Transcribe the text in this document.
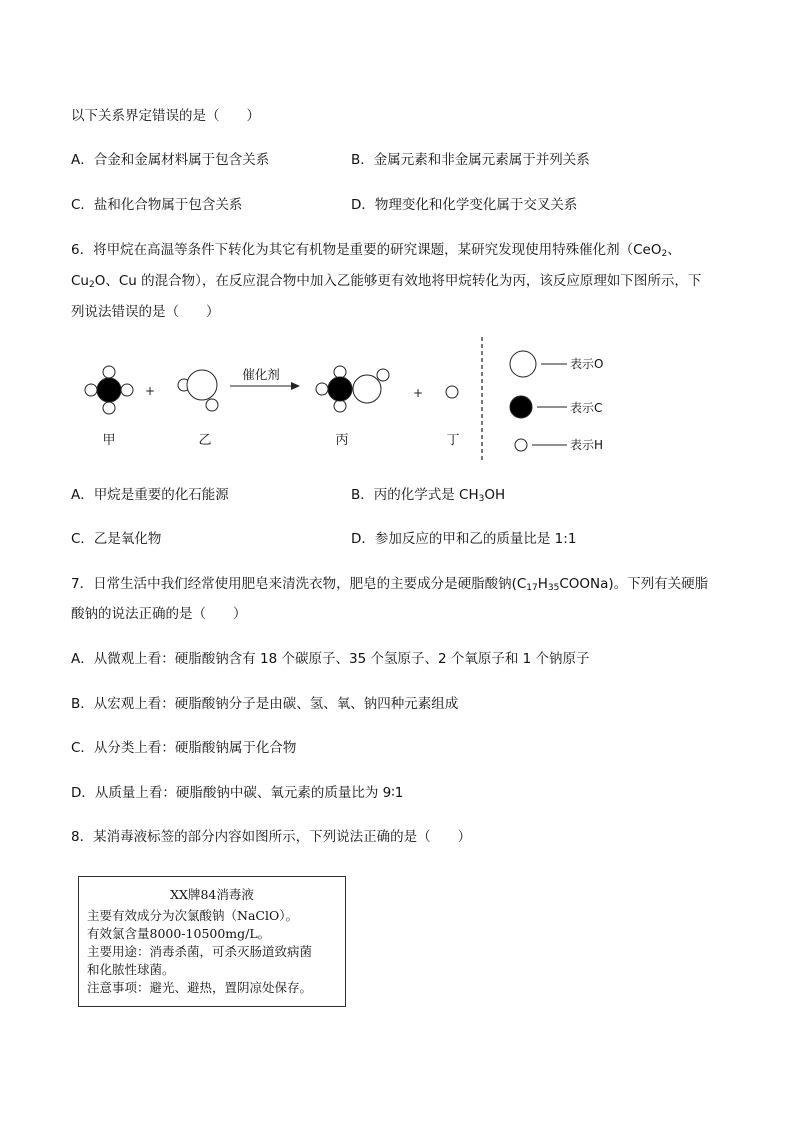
以下关系界定错误的是（　　）
A．合金和金属材料属于包含关系	B．金属元素和非金属元素属于并列关系
C．盐和化合物属于包含关系	D．物理变化和化学变化属于交叉关系
6．将甲烷在高温等条件下转化为其它有机物是重要的研究课题，某研究发现使用特殊催化剂（CeO$_2$、
$Cu_2O$、Cu 的混合物），在反应混合物中加入乙能够更有效地将甲烷转化为丙，该反应原理如下图所示，下
列说法错误的是（　　）
+	+
催化剂
甲	乙	丙	丁
表示O
表示C
表示H
A．甲烷是重要的化石能源	B．丙的化学式是 $CH_3OH$
C．乙是氧化物	D．参加反应的甲和乙的质量比是 1:1
7．日常生活中我们经常使用肥皂来清洗衣物，肥皂的主要成分是硬脂酸钠$(C_{17}H_{35}COONa)$。下列有关硬脂
酸钠的说法正确的是（　　）
A．从微观上看：硬脂酸钠含有 18 个碳原子、35 个氢原子、2 个氧原子和 1 个钠原子
B．从宏观上看：硬脂酸钠分子是由碳、氢、氧、钠四种元素组成
C．从分类上看：硬脂酸钠属于化合物
D．从质量上看：硬脂酸钠中碳、氧元素的质量比为 9∶1
8．某消毒液标签的部分内容如图所示，下列说法正确的是（　　）
XX牌84消毒液
主要有效成分为次氯酸钠（NaClO）。
有效氯含量8000-10500mg/L。
主要用途：消毒杀菌，可杀灭肠道致病菌
和化脓性球菌。
注意事项：避光、避热，置阴凉处保存。
